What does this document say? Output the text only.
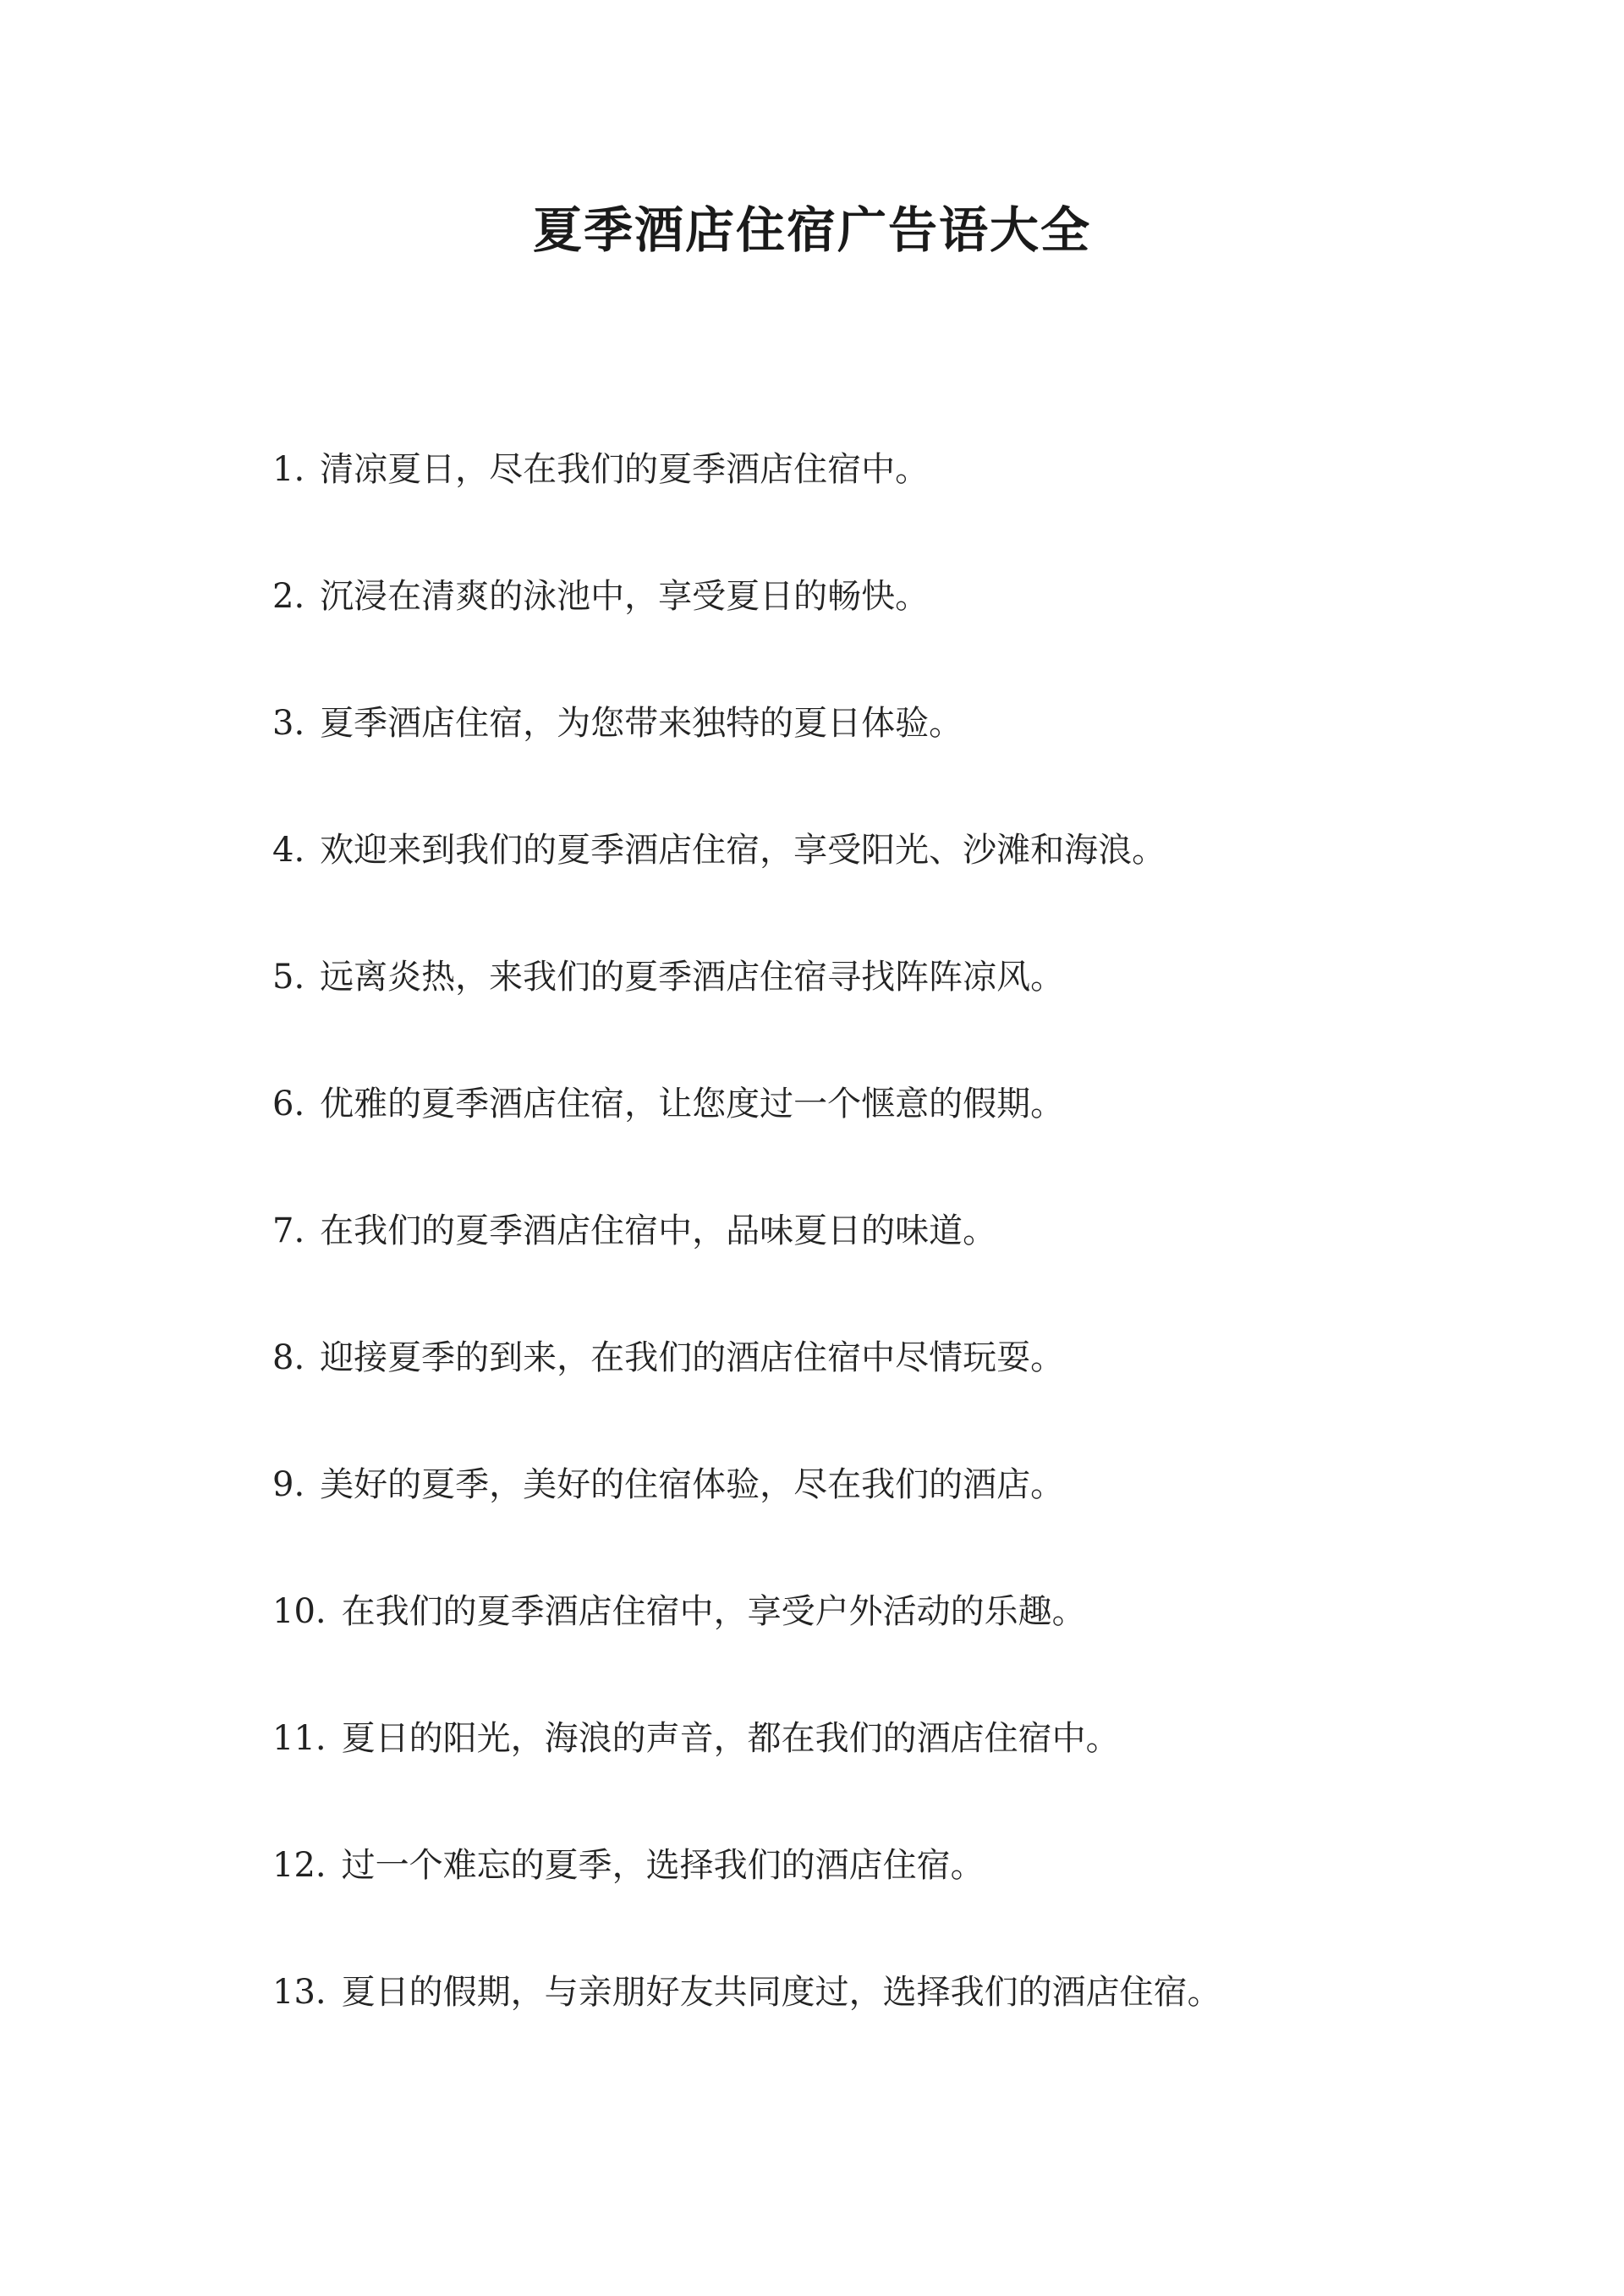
夏季酒店住宿广告语大全
1. 清凉夏日，尽在我们的夏季酒店住宿中。
2. 沉浸在清爽的泳池中，享受夏日的畅快。
3. 夏季酒店住宿，为您带来独特的夏日体验。
4. 欢迎来到我们的夏季酒店住宿，享受阳光、沙滩和海浪。
5. 远离炎热，来我们的夏季酒店住宿寻找阵阵凉风。
6. 优雅的夏季酒店住宿，让您度过一个惬意的假期。
7. 在我们的夏季酒店住宿中，品味夏日的味道。
8. 迎接夏季的到来，在我们的酒店住宿中尽情玩耍。
9. 美好的夏季，美好的住宿体验，尽在我们的酒店。
10. 在我们的夏季酒店住宿中，享受户外活动的乐趣。
11. 夏日的阳光，海浪的声音，都在我们的酒店住宿中。
12. 过一个难忘的夏季，选择我们的酒店住宿。
13. 夏日的假期，与亲朋好友共同度过，选择我们的酒店住宿。
